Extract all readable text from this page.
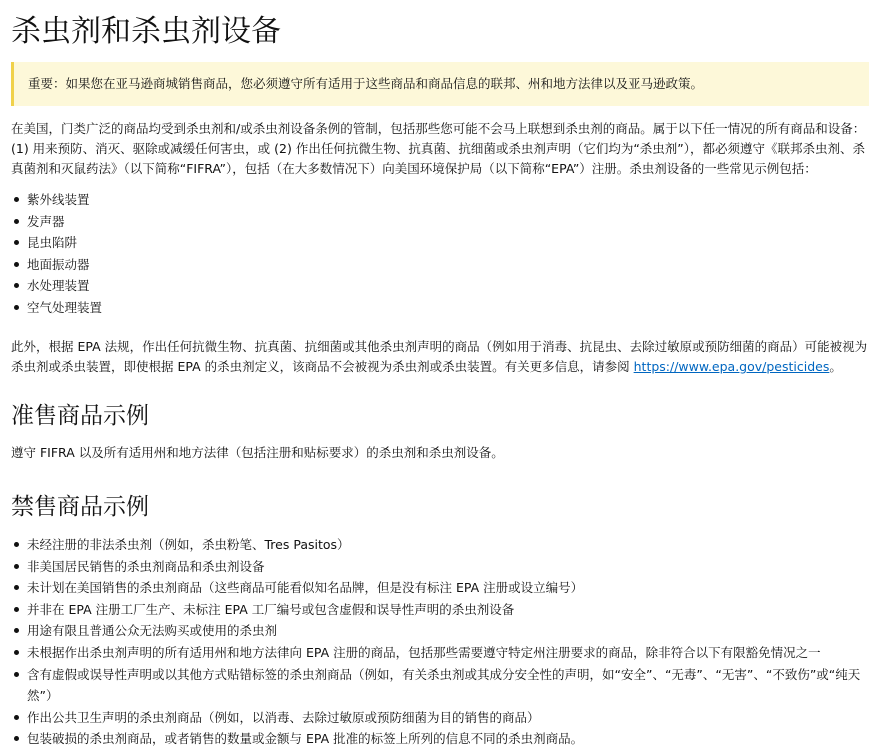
杀虫剂和杀虫剂设备
重要：如果您在亚马逊商城销售商品，您必须遵守所有适用于这些商品和商品信息的联邦、州和地方法律以及亚马逊政策。

在美国，门类广泛的商品均受到杀虫剂和/或杀虫剂设备条例的管制，包括那些您可能不会马上联想到杀虫剂的商品。属于以下任一情况的所有商品和设备：(1) 用来预防、消灭、驱除或减缓任何害虫，或 (2) 作出任何抗微生物、抗真菌、抗细菌或杀虫剂声明（它们均为“杀虫剂”），都必须遵守《联邦杀虫剂、杀真菌剂和灭鼠药法》（以下简称“FIFRA”），包括（在大多数情况下）向美国环境保护局（以下简称“EPA”）注册。杀虫剂设备的一些常见示例包括：

紫外线装置
发声器
昆虫陷阱
地面振动器
水处理装置
空气处理装置

此外，根据 EPA 法规，作出任何抗微生物、抗真菌、抗细菌或其他杀虫剂声明的商品（例如用于消毒、抗昆虫、去除过敏原或预防细菌的商品）可能被视为杀虫剂或杀虫装置，即使根据 EPA 的杀虫剂定义，该商品不会被视为杀虫剂或杀虫装置。有关更多信息，请参阅 https://www.epa.gov/pesticides。

准售商品示例

遵守 FIFRA 以及所有适用州和地方法律（包括注册和贴标要求）的杀虫剂和杀虫剂设备。

禁售商品示例
未经注册的非法杀虫剂（例如，杀虫粉笔、Tres Pasitos）
非美国居民销售的杀虫剂商品和杀虫剂设备
未计划在美国销售的杀虫剂商品（这些商品可能看似知名品牌，但是没有标注 EPA 注册或设立编号）
并非在 EPA 注册工厂生产、未标注 EPA 工厂编号或包含虚假和误导性声明的杀虫剂设备
用途有限且普通公众无法购买或使用的杀虫剂
未根据作出杀虫剂声明的所有适用州和地方法律向 EPA 注册的商品，包括那些需要遵守特定州注册要求的商品，除非符合以下有限豁免情况之一
含有虚假或误导性声明或以其他方式贴错标签的杀虫剂商品（例如，有关杀虫剂或其成分安全性的声明，如“安全”、“无毒”、“无害”、“不致伤”或“纯天然”）
作出公共卫生声明的杀虫剂商品（例如，以消毒、去除过敏原或预防细菌为目的销售的商品）
包装破损的杀虫剂商品，或者销售的数量或金额与 EPA 批准的标签上所列的信息不同的杀虫剂商品。
